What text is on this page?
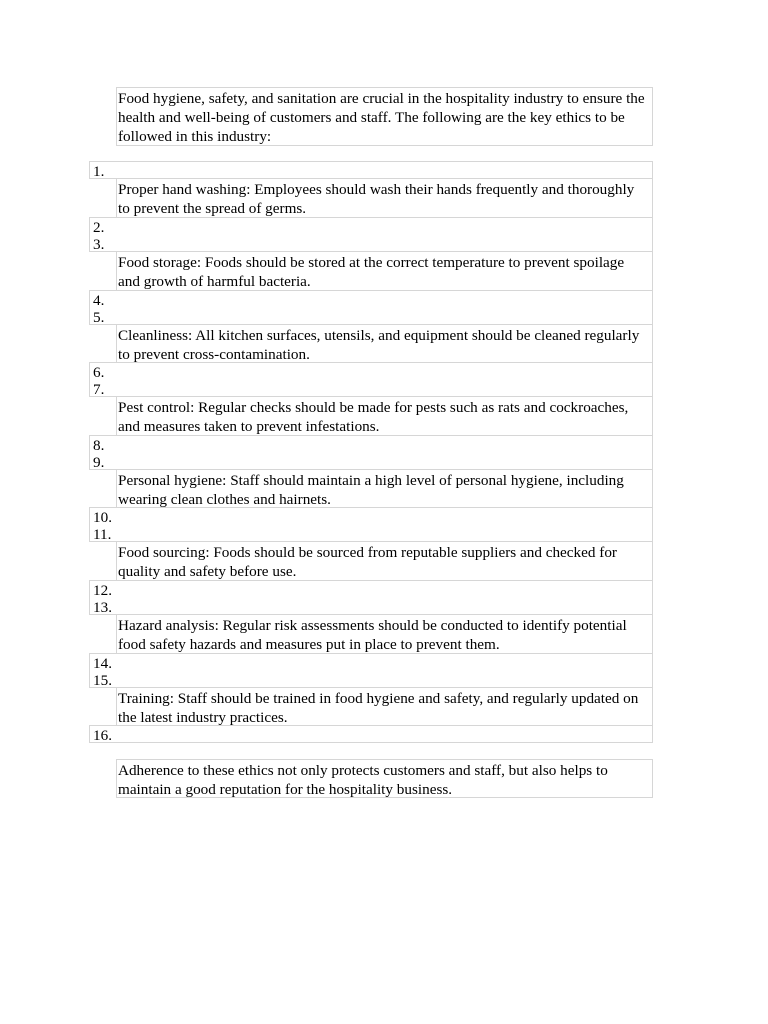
Food hygiene, safety, and sanitation are crucial in the hospitality industry to ensure the health and well-being of customers and staff. The following are the key ethics to be followed in this industry:
1.
Proper hand washing: Employees should wash their hands frequently and thoroughly to prevent the spread of germs.
2.
3.
Food storage: Foods should be stored at the correct temperature to prevent spoilage and growth of harmful bacteria.
4.
5.
Cleanliness: All kitchen surfaces, utensils, and equipment should be cleaned regularly to prevent cross-contamination.
6.
7.
Pest control: Regular checks should be made for pests such as rats and cockroaches, and measures taken to prevent infestations.
8.
9.
Personal hygiene: Staff should maintain a high level of personal hygiene, including wearing clean clothes and hairnets.
10.
11.
Food sourcing: Foods should be sourced from reputable suppliers and checked for quality and safety before use.
12.
13.
Hazard analysis: Regular risk assessments should be conducted to identify potential food safety hazards and measures put in place to prevent them.
14.
15.
Training: Staff should be trained in food hygiene and safety, and regularly updated on the latest industry practices.
16.
Adherence to these ethics not only protects customers and staff, but also helps to maintain a good reputation for the hospitality business.
